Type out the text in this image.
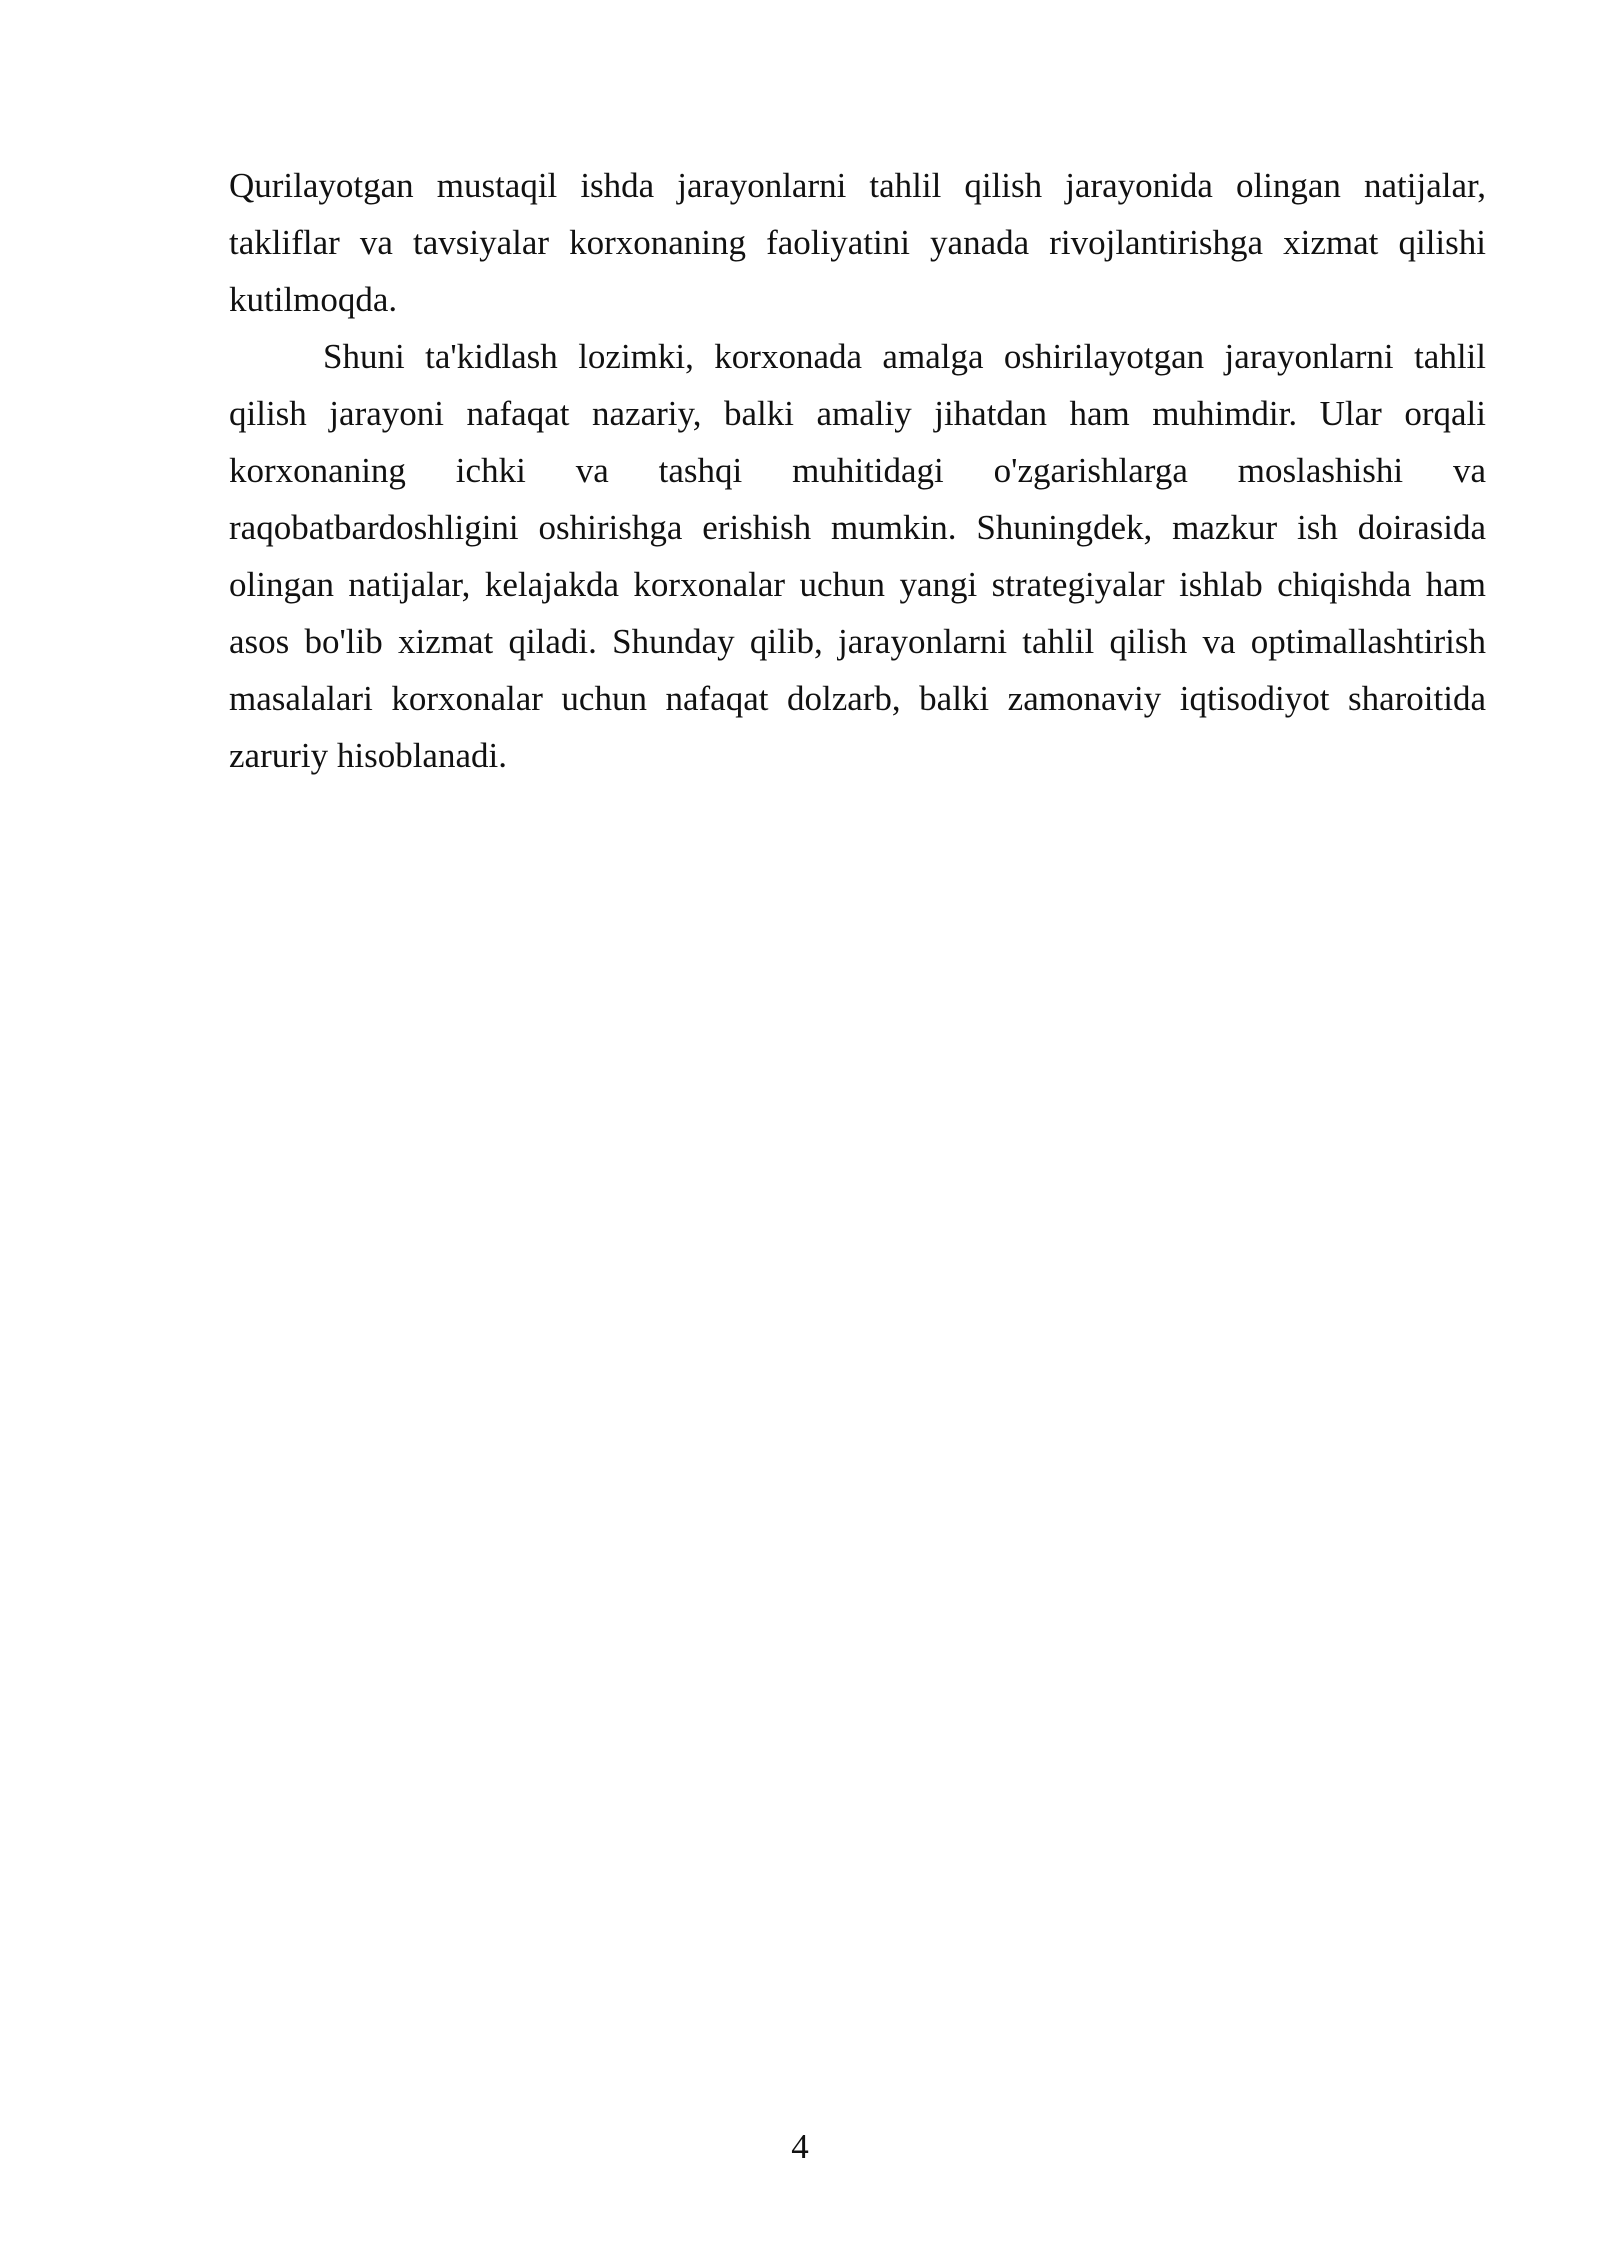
Qurilayotgan mustaqil ishda jarayonlarni tahlil qilish jarayonida olingan natijalar, takliflar va tavsiyalar korxonaning faoliyatini yanada rivojlantirishga xizmat qilishi kutilmoqda.

Shuni ta'kidlash lozimki, korxonada amalga oshirilayotgan jarayonlarni tahlil qilish jarayoni nafaqat nazariy, balki amaliy jihatdan ham muhimdir. Ular orqali korxonaning ichki va tashqi muhitidagi o'zgarishlarga moslashishi va raqobatbardoshligini oshirishga erishish mumkin. Shuningdek, mazkur ish doirasida olingan natijalar, kelajakda korxonalar uchun yangi strategiyalar ishlab chiqishda ham asos bo'lib xizmat qiladi. Shunday qilib, jarayonlarni tahlil qilish va optimallashtirish masalalari korxonalar uchun nafaqat dolzarb, balki zamonaviy iqtisodiyot sharoitida zaruriy hisoblanadi.

4
